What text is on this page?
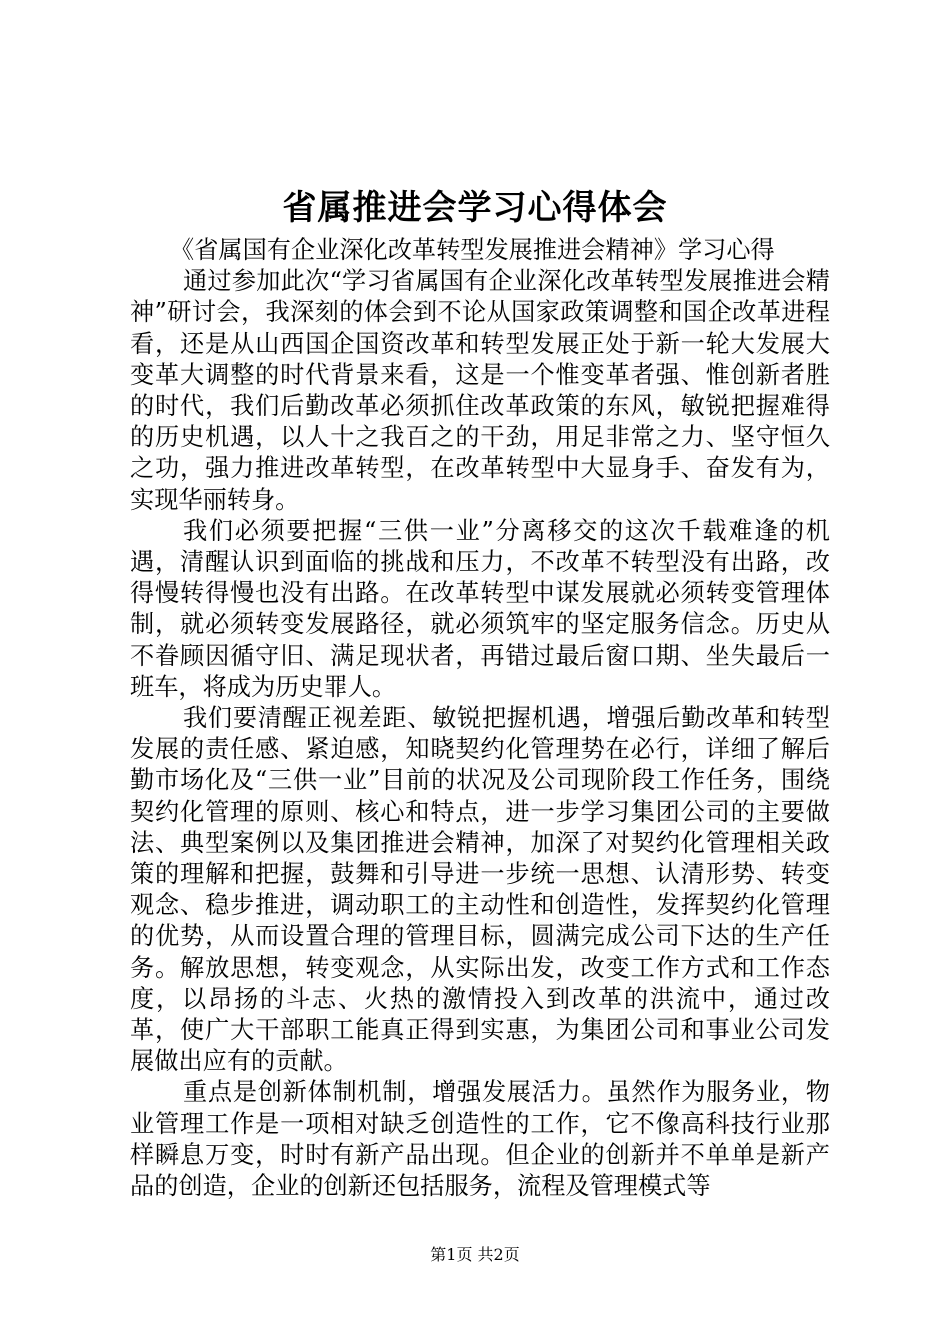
省属推进会学习心得体会

《省属国有企业深化改革转型发展推进会精神》学习心得

通过参加此次“学习省属国有企业深化改革转型发展推进会精神”研讨会，我深刻的体会到不论从国家政策调整和国企改革进程看，还是从山西国企国资改革和转型发展正处于新一轮大发展大变革大调整的时代背景来看，这是一个惟变革者强、惟创新者胜的时代，我们后勤改革必须抓住改革政策的东风，敏锐把握难得的历史机遇，以人十之我百之的干劲，用足非常之力、坚守恒久之功，强力推进改革转型，在改革转型中大显身手、奋发有为，实现华丽转身。

我们必须要把握“三供一业”分离移交的这次千载难逢的机遇，清醒认识到面临的挑战和压力，不改革不转型没有出路，改得慢转得慢也没有出路。在改革转型中谋发展就必须转变管理体制，就必须转变发展路径，就必须筑牢的坚定服务信念。历史从不眷顾因循守旧、满足现状者，再错过最后窗口期、坐失最后一班车，将成为历史罪人。

我们要清醒正视差距、敏锐把握机遇，增强后勤改革和转型发展的责任感、紧迫感，知晓契约化管理势在必行，详细了解后勤市场化及“三供一业”目前的状况及公司现阶段工作任务，围绕契约化管理的原则、核心和特点，进一步学习集团公司的主要做法、典型案例以及集团推进会精神，加深了对契约化管理相关政策的理解和把握，鼓舞和引导进一步统一思想、认清形势、转变观念、稳步推进，调动职工的主动性和创造性，发挥契约化管理的优势，从而设置合理的管理目标，圆满完成公司下达的生产任务。解放思想，转变观念，从实际出发，改变工作方式和工作态度，以昂扬的斗志、火热的激情投入到改革的洪流中，通过改革，使广大干部职工能真正得到实惠，为集团公司和事业公司发展做出应有的贡献。

重点是创新体制机制，增强发展活力。虽然作为服务业，物业管理工作是一项相对缺乏创造性的工作，它不像高科技行业那样瞬息万变，时时有新产品出现。但企业的创新并不单单是新产品的创造，企业的创新还包括服务，流程及管理模式等

第1页 共2页
